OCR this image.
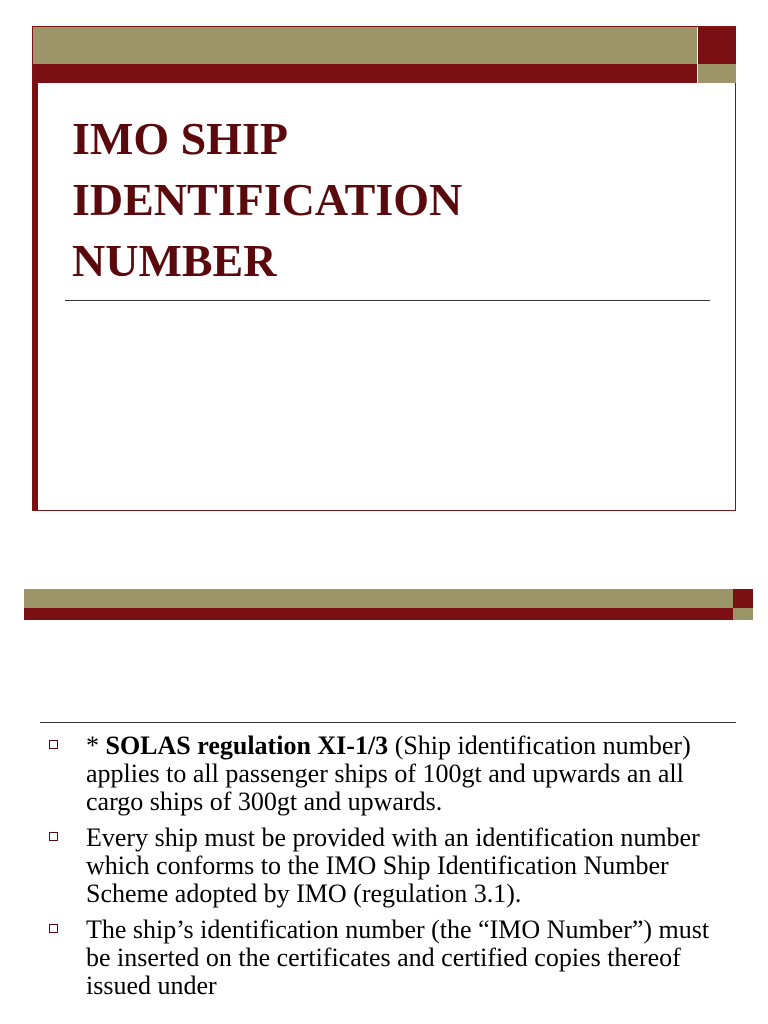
IMO SHIP
IDENTIFICATION
NUMBER
* SOLAS regulation XI-1/3 (Ship identification number) applies to all passenger ships of 100gt and upwards an all cargo ships of 300gt and upwards.
Every ship must be provided with an identification number which conforms to the IMO Ship Identification Number Scheme adopted by IMO (regulation 3.1).
The ship’s identification number (the “IMO Number”) must be inserted on the certificates and certified copies thereof issued under
